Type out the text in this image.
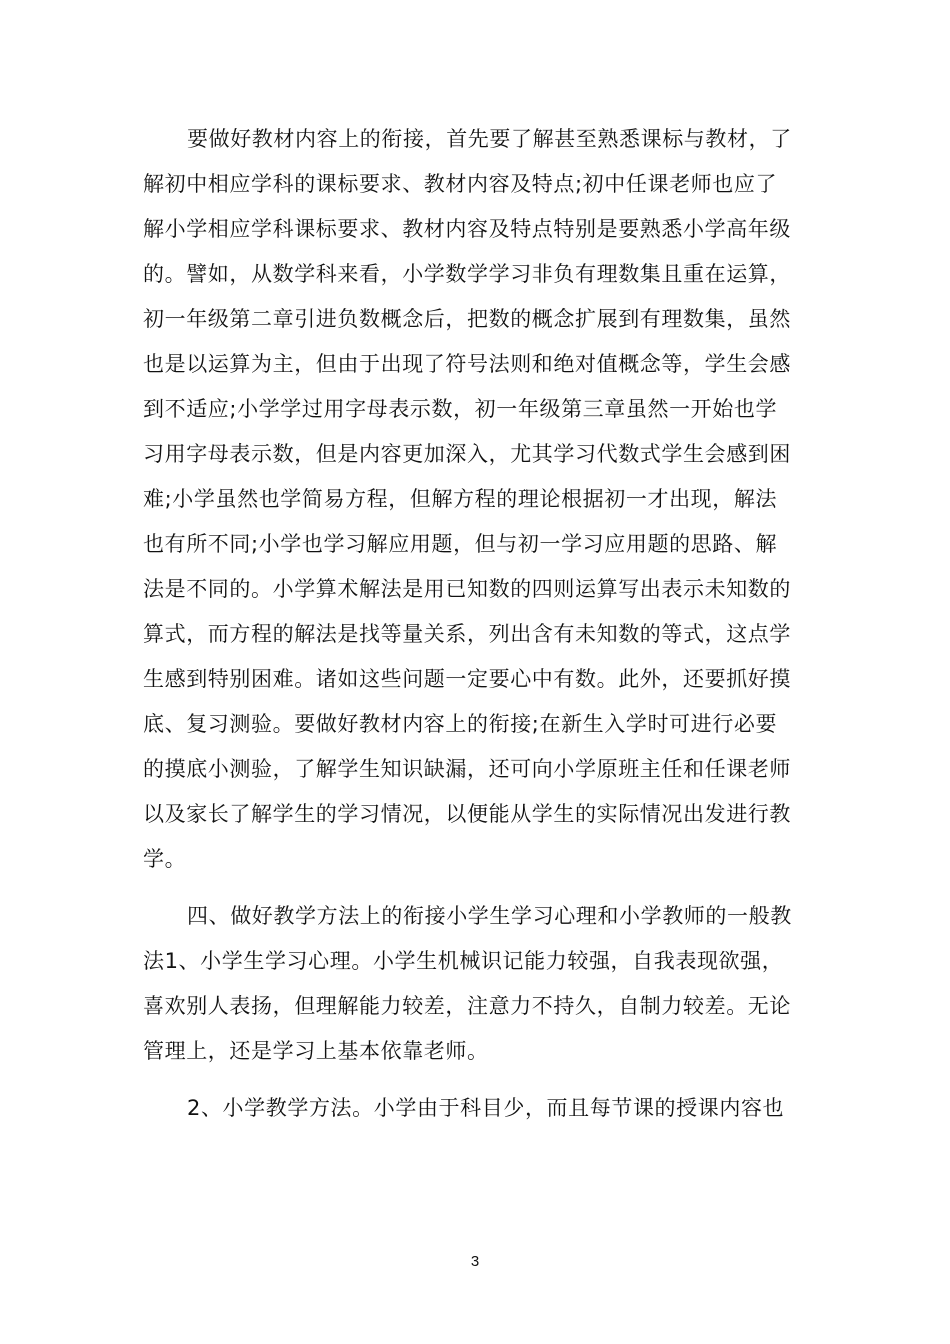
要做好教材内容上的衔接，首先要了解甚至熟悉课标与教材，了
解初中相应学科的课标要求、教材内容及特点;初中任课老师也应了
解小学相应学科课标要求、教材内容及特点特别是要熟悉小学高年级
的。譬如，从数学科来看，小学数学学习非负有理数集且重在运算，
初一年级第二章引进负数概念后，把数的概念扩展到有理数集，虽然
也是以运算为主，但由于出现了符号法则和绝对值概念等，学生会感
到不适应;小学学过用字母表示数，初一年级第三章虽然一开始也学
习用字母表示数，但是内容更加深入，尤其学习代数式学生会感到困
难;小学虽然也学简易方程，但解方程的理论根据初一才出现，解法
也有所不同;小学也学习解应用题，但与初一学习应用题的思路、解
法是不同的。小学算术解法是用已知数的四则运算写出表示未知数的
算式，而方程的解法是找等量关系，列出含有未知数的等式，这点学
生感到特别困难。诸如这些问题一定要心中有数。此外，还要抓好摸
底、复习测验。要做好教材内容上的衔接;在新生入学时可进行必要
的摸底小测验，了解学生知识缺漏，还可向小学原班主任和任课老师
以及家长了解学生的学习情况，以便能从学生的实际情况出发进行教
学。
四、做好教学方法上的衔接小学生学习心理和小学教师的一般教
法1、小学生学习心理。小学生机械识记能力较强，自我表现欲强，
喜欢别人表扬，但理解能力较差，注意力不持久，自制力较差。无论
管理上，还是学习上基本依靠老师。
2、小学教学方法。小学由于科目少，而且每节课的授课内容也
3
